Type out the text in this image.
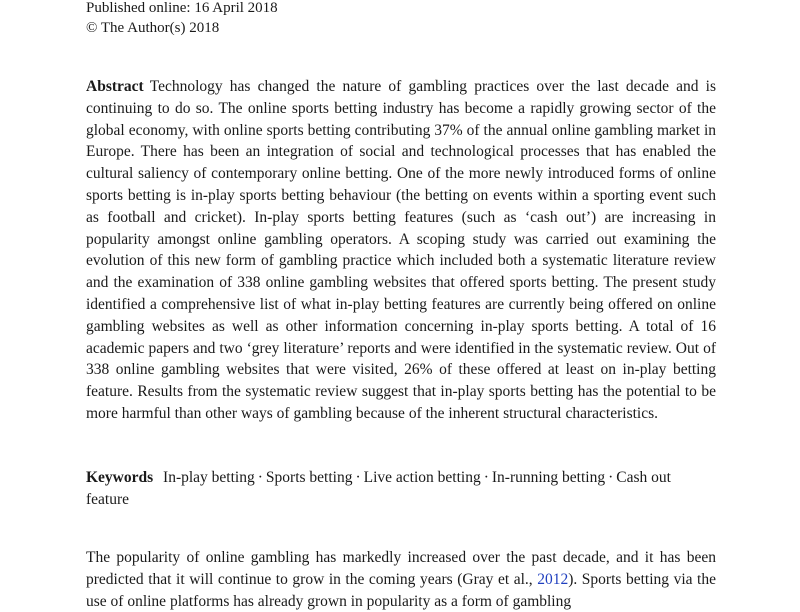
Published online: 16 April 2018
© The Author(s) 2018

Abstract Technology has changed the nature of gambling practices over the last decade and is continuing to do so. The online sports betting industry has become a rapidly growing sector of the global economy, with online sports betting contributing 37% of the annual online gambling market in Europe. There has been an integration of social and technological processes that has enabled the cultural saliency of contemporary online betting. One of the more newly introduced forms of online sports betting is in-play sports betting behaviour (the betting on events within a sporting event such as football and cricket). In-play sports betting features (such as ‘cash out’) are increasing in popularity amongst online gambling operators. A scoping study was carried out examining the evolution of this new form of gambling practice which included both a systematic literature review and the examination of 338 online gambling websites that offered sports betting. The present study identified a comprehensive list of what in-play betting features are currently being offered on online gambling websites as well as other information concerning in-play sports betting. A total of 16 academic papers and two ‘grey literature’ reports and were identified in the systematic review. Out of 338 online gambling websites that were visited, 26% of these offered at least on in-play betting feature. Results from the systematic review suggest that in-play sports betting has the potential to be more harmful than other ways of gambling because of the inherent structural characteristics.

Keywords In-play betting · Sports betting · Live action betting · In-running betting · Cash out feature

The popularity of online gambling has markedly increased over the past decade, and it has been predicted that it will continue to grow in the coming years (Gray et al., 2012). Sports betting via the use of online platforms has already grown in popularity as a form of gambling
